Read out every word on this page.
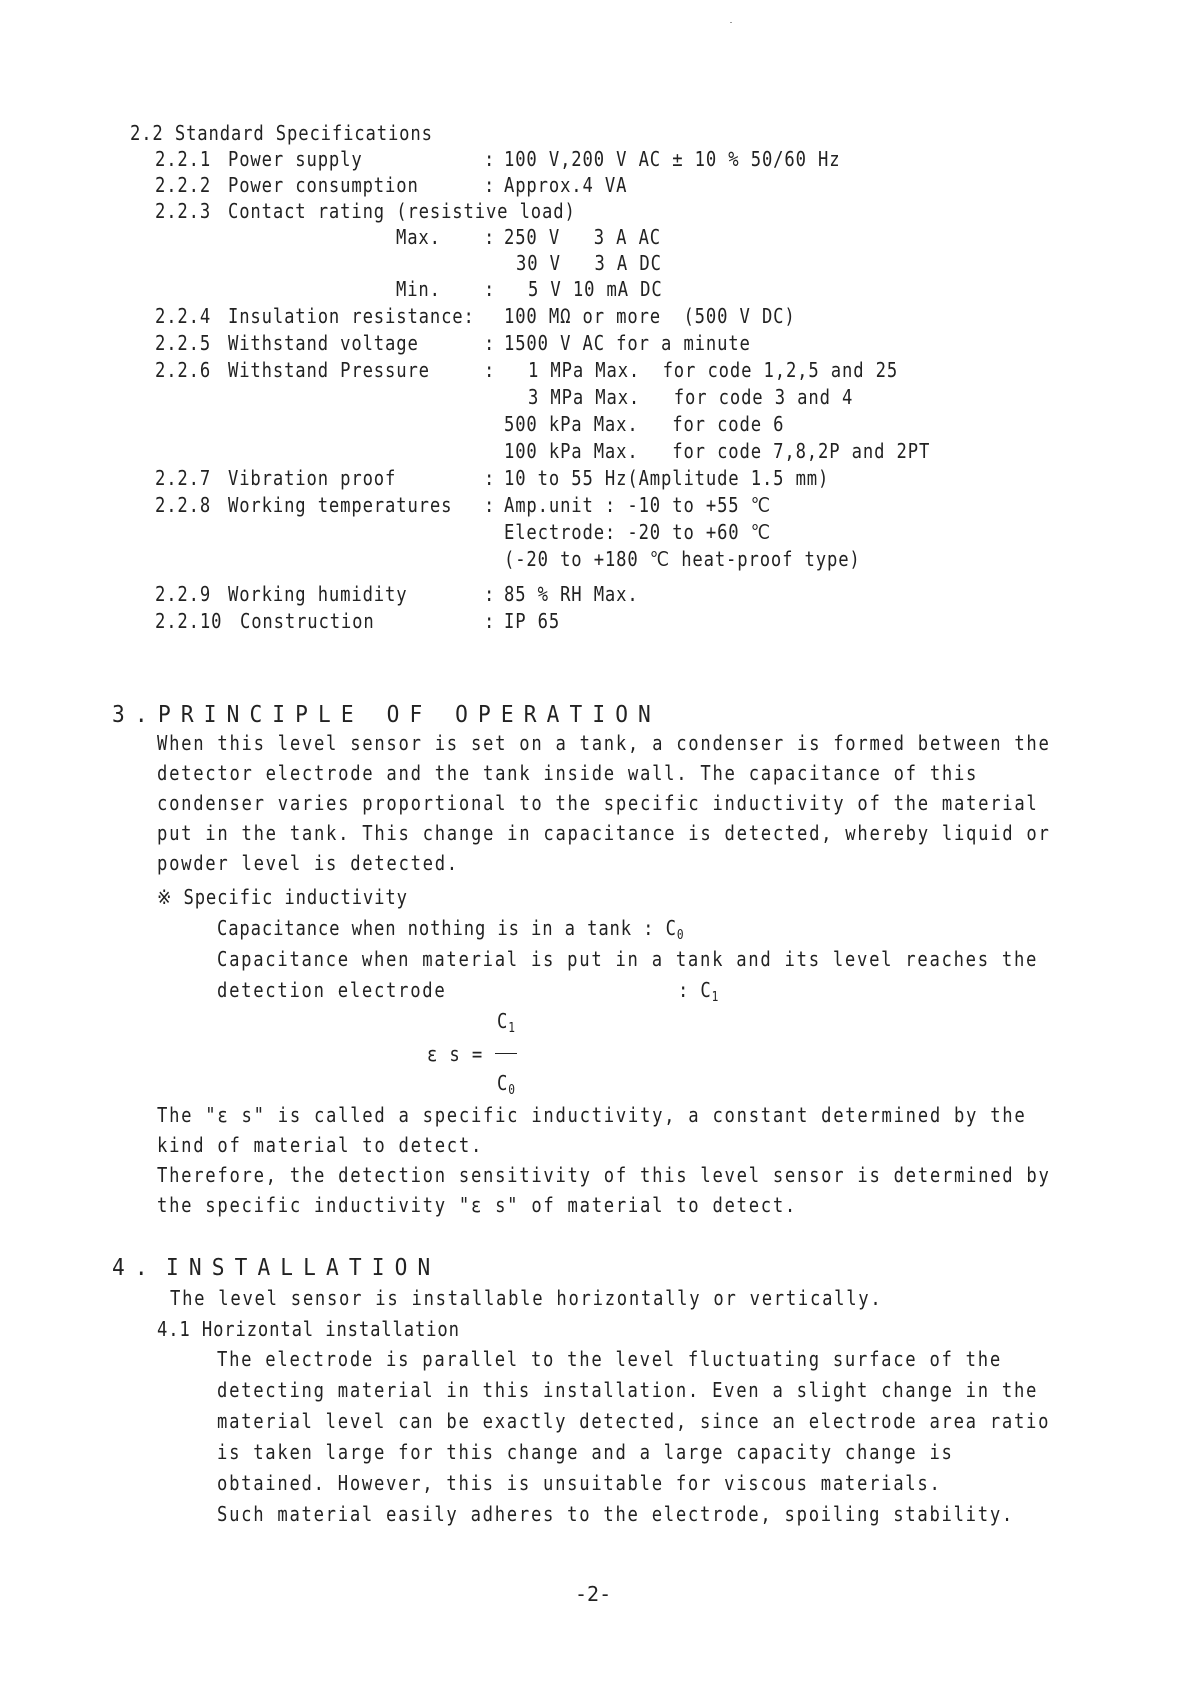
2.2 Standard Specifications
2.2.1 Power supply	: 100 V,200 V AC ± 10 % 50/60 Hz
2.2.2 Power consumption	: Approx.4 VA
2.2.3 Contact rating (resistive load)
Max. : 250 V   3 A AC
30 V   3 A DC
Min. : 5 V 10 mA DC
2.2.4 Insulation resistance: 100 MΩ or more  (500 V DC)
2.2.5 Withstand voltage	: 1500 V AC for a minute
2.2.6 Withstand Pressure	: 1 MPa Max.  for code 1,2,5 and 25
3 MPa Max.   for code 3 and 4
500 kPa Max.   for code 6
100 kPa Max.   for code 7,8,2P and 2PT
2.2.7 Vibration proof	: 10 to 55 Hz(Amplitude 1.5 mm)
2.2.8 Working temperatures : Amp.unit : -10 to +55 ℃
Electrode: -20 to +60 ℃
(-20 to +180 ℃ heat-proof type)
2.2.9 Working humidity	: 85 % RH Max.
2.2.10 Construction	: IP 65
3. PRINCIPLE OF OPERATION
When this level sensor is set on a tank, a condenser is formed between the
detector electrode and the tank inside wall. The capacitance of this
condenser varies proportional to the specific inductivity of the material
put in the tank. This change in capacitance is detected, whereby liquid or
powder level is detected.
※ Specific inductivity
Capacitance when nothing is in a tank : $C_0$
Capacitance when material is put in a tank and its level reaches the
detection electrode	: $C_1$
$C_1$
ε s =
$C_0$
The "ε s" is called a specific inductivity, a constant determined by the
kind of material to detect.
Therefore, the detection sensitivity of this level sensor is determined by
the specific inductivity "ε s" of material to detect.
4. INSTALLATION
The level sensor is installable horizontally or vertically.
4.1 Horizontal installation
The electrode is parallel to the level fluctuating surface of the
detecting material in this installation. Even a slight change in the
material level can be exactly detected, since an electrode area ratio
is taken large for this change and a large capacity change is
obtained. However, this is unsuitable for viscous materials.
Such material easily adheres to the electrode, spoiling stability.
-2-
